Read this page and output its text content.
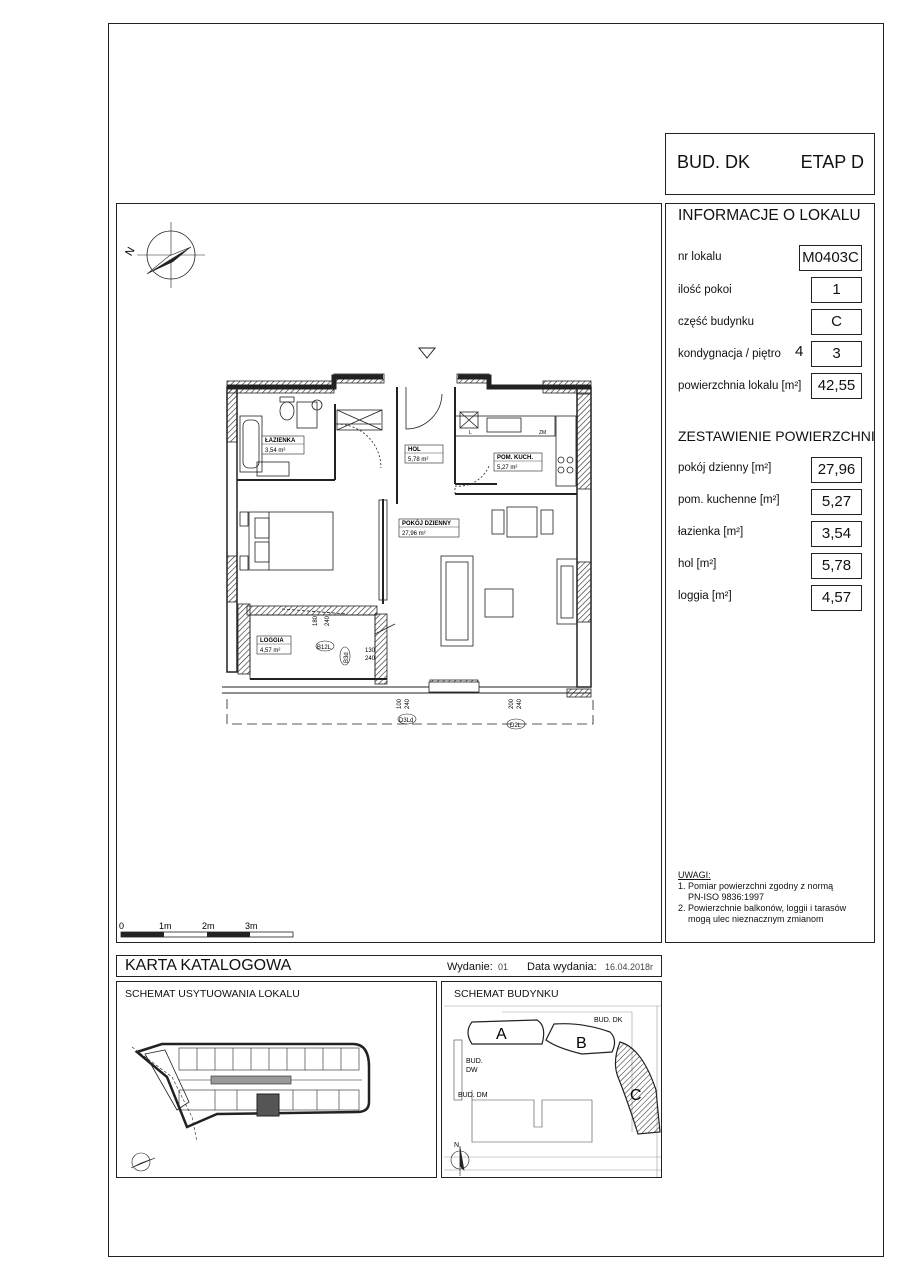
BUD. DK	ETAP D
N
180 240
130
240
100 240	200 240
B12L
B3d
D3Ld
D2L
L	ZM
ŁAZIENKA
3,54 m²	HOL
5,78 m²	POM. KUCH.
5,27 m²
POKÓJ DZIENNY
27,96 m²
LOGGIA
4,57 m²
0	1m	2m	3m
INFORMACJE O LOKALU
nr lokalu	M0403C
ilość pokoi	1
część budynku	C
kondygnacja / piętro 4	3
powierzchnia lokalu [m²]	42,55
ZESTAWIENIE POWIERZCHNI
pokój dzienny [m²]	27,96
pom. kuchenne [m²]	5,27
łazienka [m²]	3,54
hol [m²]	5,78
loggia [m²]	4,57
UWAGI:
1. Pomiar powierzchni zgodny z normą
PN-ISO 9836:1997
2. Powierzchnie balkonów, loggii i tarasów
mogą ulec nieznacznym zmianom
KARTA KATALOGOWA	Wydanie: 01 Data wydania: 16.04.2018r
SCHEMAT USYTUOWANIA LOKALU	SCHEMAT BUDYNKU
A
B
C
BUD. DK
BUD.
DW
BUD. DM
N
